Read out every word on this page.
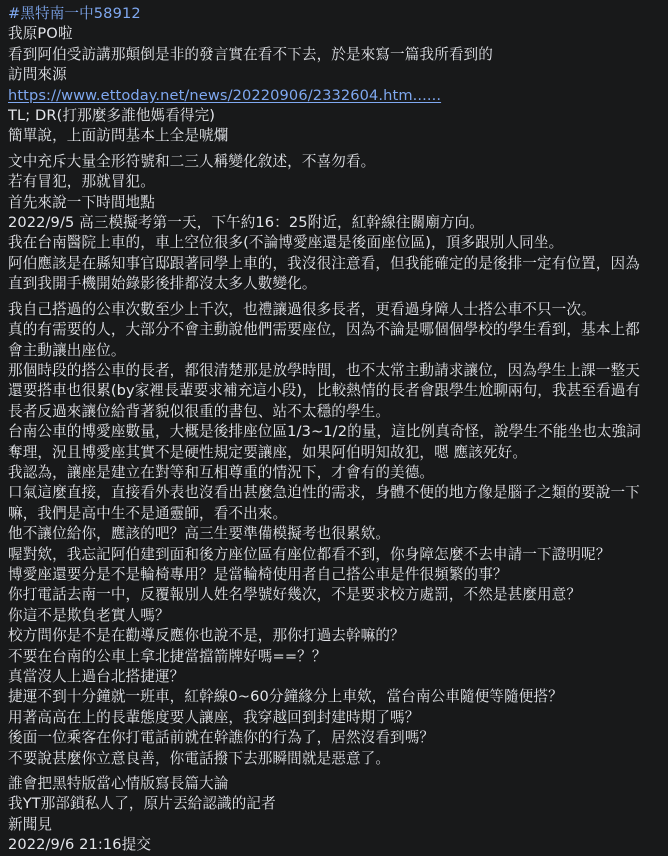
#黑特南一中58912
我原PO啦
看到阿伯受訪講那顛倒是非的發言實在看不下去，於是來寫一篇我所看到的
訪問來源
https://www.ettoday.net/news/20220906/2332604.htm......
TL; DR(打那麼多誰他媽看得完)
簡單說，上面訪問基本上全是唬爛
文中充斥大量全形符號和二三人稱變化敘述，不喜勿看。
若有冒犯，那就冒犯。
首先來說一下時間地點
2022/9/5 高三模擬考第一天，下午約16：25附近，紅幹線往關廟方向。
我在台南醫院上車的，車上空位很多(不論博愛座還是後面座位區)，頂多跟別人同坐。
阿伯應該是在縣知事官邸跟著同學上車的，我沒很注意看，但我能確定的是後排一定有位置，因為
直到我開手機開始錄影後排都沒太多人數變化。
我自己搭過的公車次數至少上千次，也禮讓過很多長者，更看過身障人士搭公車不只一次。
真的有需要的人，大部分不會主動說他們需要座位，因為不論是哪個個學校的學生看到，基本上都
會主動讓出座位。
那個時段的搭公車的長者，都很清楚那是放學時間，也不太常主動請求讓位，因為學生上課一整天
還要搭車也很累(by家裡長輩要求補充這小段)，比較熱情的長者會跟學生尬聊兩句，我甚至看過有
長者反過來讓位給背著貌似很重的書包、站不太穩的學生。
台南公車的博愛座數量，大概是後排座位區1/3~1/2的量，這比例真奇怪，說學生不能坐也太強詞
奪理，況且博愛座其實不是硬性規定要讓座，如果阿伯明知故犯，嗯 應該死好。
我認為，讓座是建立在對等和互相尊重的情況下，才會有的美德。
口氣這麼直接，直接看外表也沒看出甚麼急迫性的需求，身體不便的地方像是腦子之類的要說一下
嘛，我們是高中生不是通靈師，看不出來。
他不讓位給你，應該的吧？高三生要準備模擬考也很累欸。
喔對欸，我忘記阿伯建到面和後方座位區有座位都看不到，你身障怎麼不去申請一下證明呢？
博愛座還要分是不是輪椅專用？是當輪椅使用者自己搭公車是件很頻繁的事？
你打電話去南一中，反覆報別人姓名學號好幾次，不是要求校方處罰，不然是甚麼用意？
你這不是欺負老實人嗎？
校方問你是不是在勸導反應你也說不是，那你打過去幹嘛的？
不要在台南的公車上拿北捷當擋箭牌好嗎==？？
真當沒人上過台北搭捷運？
捷運不到十分鐘就一班車，紅幹線0~60分鐘緣分上車欸，當台南公車隨便等隨便搭？
用著高高在上的長輩態度要人讓座，我穿越回到封建時期了嗎？
後面一位乘客在你打電話前就在幹譙你的行為了，居然沒看到嗎？
不要說甚麼你立意良善，你電話撥下去那瞬間就是惡意了。
誰會把黑特版當心情版寫長篇大論
我YT那部鎖私人了，原片丟給認識的記者
新聞見
2022/9/6 21:16提交
